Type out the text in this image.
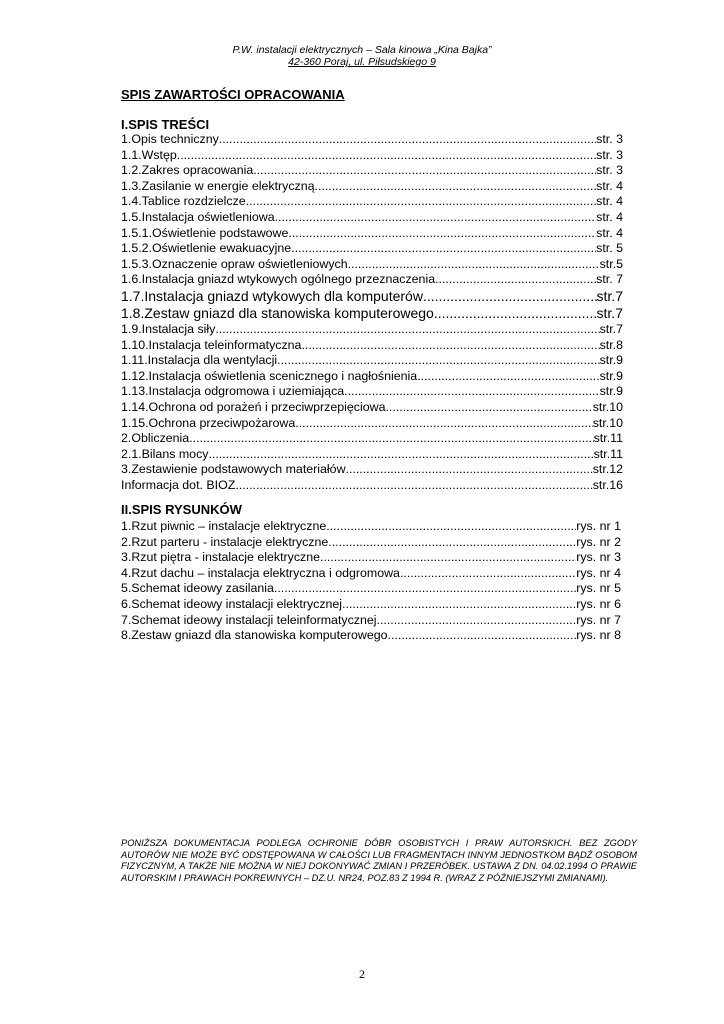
P.W. instalacji elektrycznych – Sala kinowa „Kina Bajka”
42-360 Poraj, ul. Piłsudskiego 9
SPIS ZAWARTOŚCI OPRACOWANIA
I.SPIS TREŚCI
1.Opis techniczny .....	str. 3
1.1.Wstęp .....	str. 3
1.2.Zakres opracowania .....	str. 3
1.3.Zasilanie w energie elektryczną .....	str. 4
1.4.Tablice rozdzielcze .....	str. 4
1.5.Instalacja oświetleniowa .....	str. 4
1.5.1.Oświetlenie podstawowe .....	str. 4
1.5.2.Oświetlenie ewakuacyjne .....	str. 5
1.5.3.Oznaczenie opraw oświetleniowych .....	str.5
1.6.Instalacja gniazd wtykowych ogólnego przeznaczenia .....	str. 7
1.7.Instalacja gniazd wtykowych dla komputerów .....	str.7
1.8.Zestaw gniazd dla stanowiska komputerowego .....	str.7
1.9.Instalacja siły .....	str.7
1.10.Instalacja teleinformatyczna .....	str.8
1.11.Instalacja dla wentylacji .....	str.9
1.12.Instalacja oświetlenia scenicznego i nagłośnienia .....	str.9
1.13.Instalacja odgromowa i uziemiająca .....	str.9
1.14.Ochrona od porażeń i przeciwprzepięciowa .....	str.10
1.15.Ochrona przeciwpożarowa .....	str.10
2.Obliczenia .....	str.11
2.1.Bilans mocy .....	str.11
3.Zestawienie podstawowych materiałów .....	str.12
Informacja dot. BIOZ .....	str.16
II.SPIS RYSUNKÓW
1.Rzut piwnic – instalacje elektryczne .....	rys. nr 1
2.Rzut parteru - instalacje elektryczne .....	rys. nr 2
3.Rzut piętra - instalacje elektryczne .....	rys. nr 3
4.Rzut dachu – instalacja elektryczna i odgromowa .....	rys. nr 4
5.Schemat ideowy zasilania .....	rys. nr 5
6.Schemat ideowy instalacji elektrycznej .....	rys. nr 6
7.Schemat ideowy instalacji teleinformatycznej .....	rys. nr 7
8.Zestaw gniazd dla stanowiska komputerowego .....	rys. nr 8

PONIŻSZA DOKUMENTACJA PODLEGA OCHRONIE DÓBR OSOBISTYCH I PRAW AUTORSKICH. BEZ ZGODY AUTORÓW NIE MOŻE BYĆ ODSTĘPOWANA W CAŁOŚCI LUB FRAGMENTACH INNYM JEDNOSTKOM BĄDŹ OSOBOM FIZYCZNYM, A TAKŻE NIE MOŻNA W NIEJ DOKONYWAĆ ZMIAN I PRZERÓBEK. USTAWA Z DN. 04.02.1994 O PRAWIE AUTORSKIM I PRAWACH POKREWNYCH – DZ.U. NR24, POZ.83 Z 1994 R. (WRAZ Z PÓŹNIEJSZYMI ZMIANAMI).

2
